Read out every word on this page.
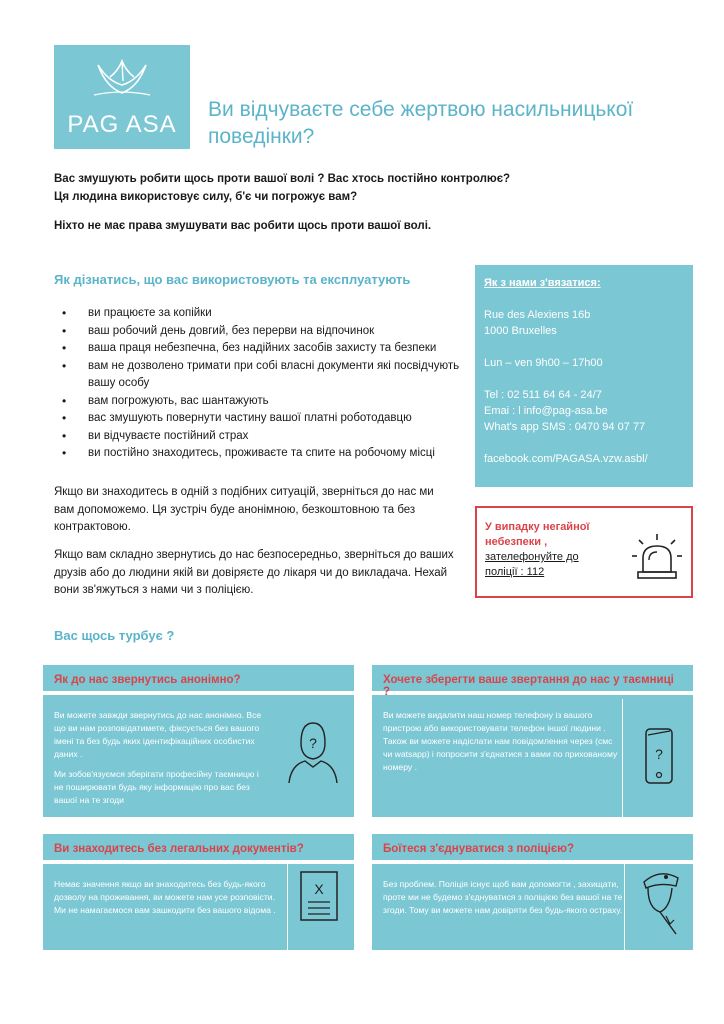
PAG ASA
Ви відчуваєте себе жертвою насильницької поведінки?
Вас змушують робити щось проти вашої волі ? Вас хтось постійно контролює?
Ця людина використовує силу, б'є чи погрожує вам?
Ніхто не має права змушувати вас робити щось проти вашої волі.
Як дізнатись, що вас використовують та експлуатують
• ви працюєте за копійки
• ваш робочий день довгий, без перерви на відпочинок
• ваша праця небезпечна, без надійних засобів захисту та безпеки
• вам не дозволено тримати при собі власні документи які посвідчують вашу особу
• вам погрожують, вас шантажують
• вас змушують повернути частину вашої платні роботодавцю
• ви відчуваєте постійний страх
• ви постійно знаходитесь, проживаєте та спите на робочому місці
Якщо ви знаходитесь в одній з подібних ситуацій, зверніться до нас ми вам допоможемо. Ця зустріч буде анонімною, безкоштовною та без контрактовою.
Якщо вам складно звернутись до нас безпосередньо, зверніться до ваших друзів або до людини якій ви довіряєте до лікаря чи до викладача. Нехай вони зв'яжуться з нами чи з поліцією.
Як з нами з'вязатися:

Rue des Alexiens 16b

1000 Bruxelles

Lun – ven 9h00 – 17h00

Tel : 02 511 64 64 - 24/7

Emai : l info@pag-asa.be

What's app SMS : 0470 94 07 77

facebook.com/PAGASA.vzw.asbl/

У випадку негайної
небезпеки ,
зателефонуйте до
поліції : 112
Вас щось турбує ?
Як до нас звернутись анонімно?

Ви можете завжди звернутись до нас анонімно. Все що ви нам розповідатимете, фіксується без вашого імені та без будь яких ідентифікаційних особистих даних .

Ми зобов'язуємся зберігати професійну таємницю і не поширювати будь яку інформацію про вас без вашої на те згоди

?
Хочете зберегти ваше звертання до нас у таємниці ?

Ви можете видалити наш номер телефону із вашого пристрою або використовувати телефон іншої людини . Також ви можете надіслати нам повідомлення через (смс чи watsapp) і попросити з'єднатися з вами по прихованому номеру .

?
Ви знаходитесь без легальних документів?

Немає значення якщо ви знаходитесь без будь-якого дозволу на проживання, ви можете нам усе розповісти. Ми не намагаємося вам зашкодити без вашого відома .

X
Боїтеся з'єднуватися з поліцією?

Без проблем. Поліція існує щоб вам допомогти , захищати, проте ми не будемо з'єднуватися з поліцією без вашої на те згоди. Тому ви можете нам довіряти без будь-якого остраху.
